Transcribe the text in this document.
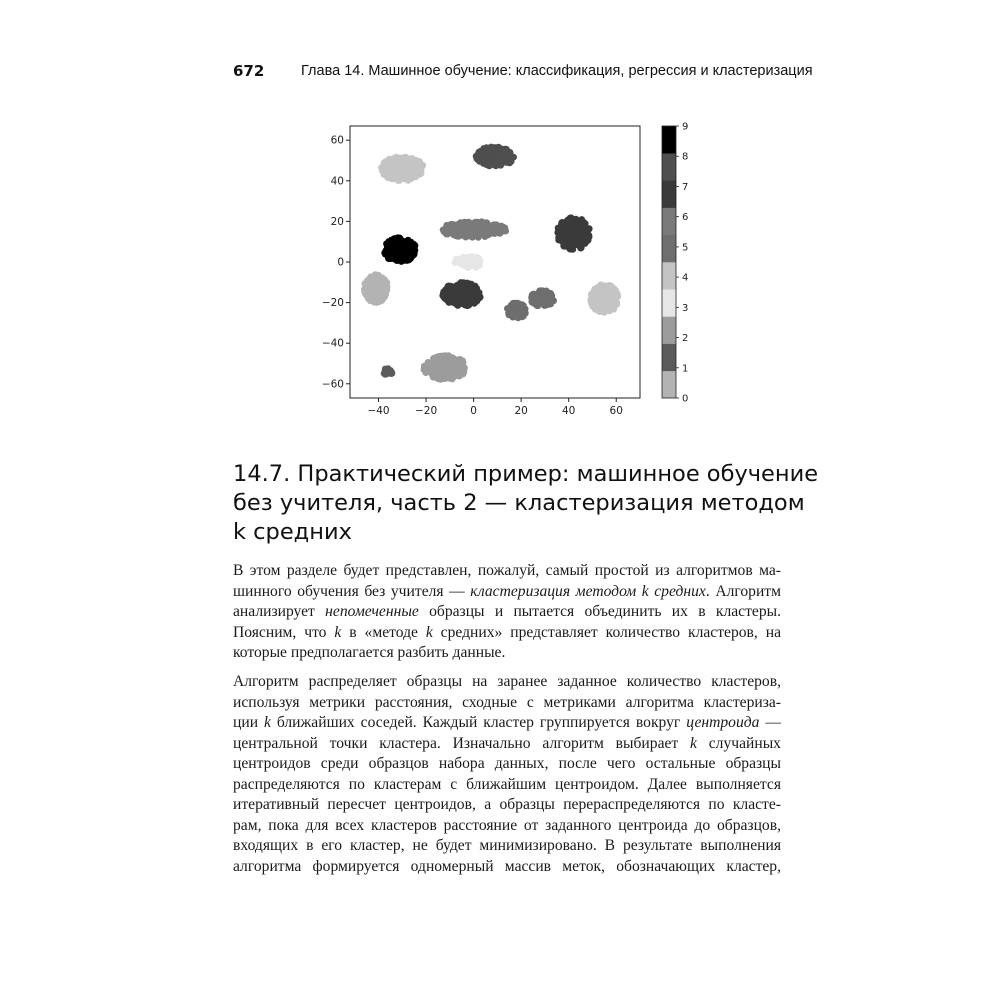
672	Глава 14. Машинное обучение: классификация, регрессия и кластеризация
−40 −20	0	20	40	60
60
40
20
0
−20
−40
−60
0
1
2
3
4
5
6
7
8
9
14.7. Практический пример: машинное обучение
без учителя, часть 2 — кластеризация методом
k средних

В этом разделе будет представлен, пожалуй, самый простой из алгоритмов ма-
шинного обучения без учителя — кластеризация методом k средних. Алгоритм
анализирует непомеченные образцы и пытается объединить их в кластеры.
Поясним, что k в «методе k средних» представляет количество кластеров, на
которые предполагается разбить данные.

Алгоритм распределяет образцы на заранее заданное количество кластеров,
используя метрики расстояния, сходные с метриками алгоритма кластеризa-
ции k ближайших соседей. Каждый кластер группируется вокруг центроида —
центральной точки кластера. Изначально алгоритм выбирает k случайных
центроидов среди образцов набора данных, после чего остальные образцы
распределяются по кластерам с ближайшим центроидом. Далее выполняется
итеративный пересчет центроидов, а образцы перераспределяются по класте-
рам, пока для всех кластеров расстояние от заданного центроида до образцов,
входящих в его кластер, не будет минимизировано. В результате выполнения
алгоритма формируется одномерный массив меток, обозначающих кластер,
